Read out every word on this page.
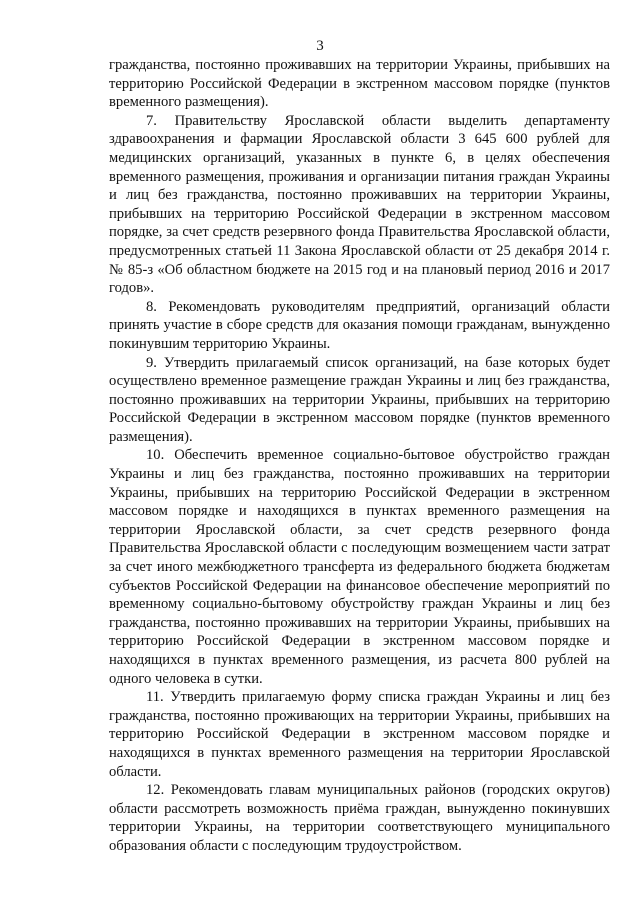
3

гражданства, постоянно проживавших на территории Украины, прибывших на территорию Российской Федерации в экстренном массовом порядке (пунктов временного размещения).

7. Правительству Ярославской области выделить департаменту здравоохранения и фармации Ярославской области 3 645 600 рублей для медицинских организаций, указанных в пункте 6, в целях обеспечения временного размещения, проживания и организации питания граждан Украины и лиц без гражданства, постоянно проживавших на территории Украины, прибывших на территорию Российской Федерации в экстренном массовом порядке, за счет средств резервного фонда Правительства Ярославской области, предусмотренных статьей 11 Закона Ярославской области от 25 декабря 2014 г. № 85-з «Об областном бюджете на 2015 год и на плановый период 2016 и 2017 годов».

8. Рекомендовать руководителям предприятий, организаций области принять участие в сборе средств для оказания помощи гражданам, вынужденно покинувшим территорию Украины.

9. Утвердить прилагаемый список организаций, на базе которых будет осуществлено временное размещение граждан Украины и лиц без гражданства, постоянно проживавших на территории Украины, прибывших на территорию Российской Федерации в экстренном массовом порядке (пунктов временного размещения).

10. Обеспечить временное социально-бытовое обустройство граждан Украины и лиц без гражданства, постоянно проживавших на территории Украины, прибывших на территорию Российской Федерации в экстренном массовом порядке и находящихся в пунктах временного размещения на территории Ярославской области, за счет средств резервного фонда Правительства Ярославской области с последующим возмещением части затрат за счет иного межбюджетного трансферта из федерального бюджета бюджетам субъектов Российской Федерации на финансовое обеспечение мероприятий по временному социально-бытовому обустройству граждан Украины и лиц без гражданства, постоянно проживавших на территории Украины, прибывших на территорию Российской Федерации в экстренном массовом порядке и находящихся в пунктах временного размещения, из расчета 800 рублей на одного человека в сутки.

11. Утвердить прилагаемую форму списка граждан Украины и лиц без гражданства, постоянно проживающих на территории Украины, прибывших на территорию Российской Федерации в экстренном массовом порядке и находящихся в пунктах временного размещения на территории Ярославской области.

12. Рекомендовать главам муниципальных районов (городских округов) области рассмотреть возможность приёма граждан, вынужденно покинувших территории Украины, на территории соответствующего муниципального образования области с последующим трудоустройством.
